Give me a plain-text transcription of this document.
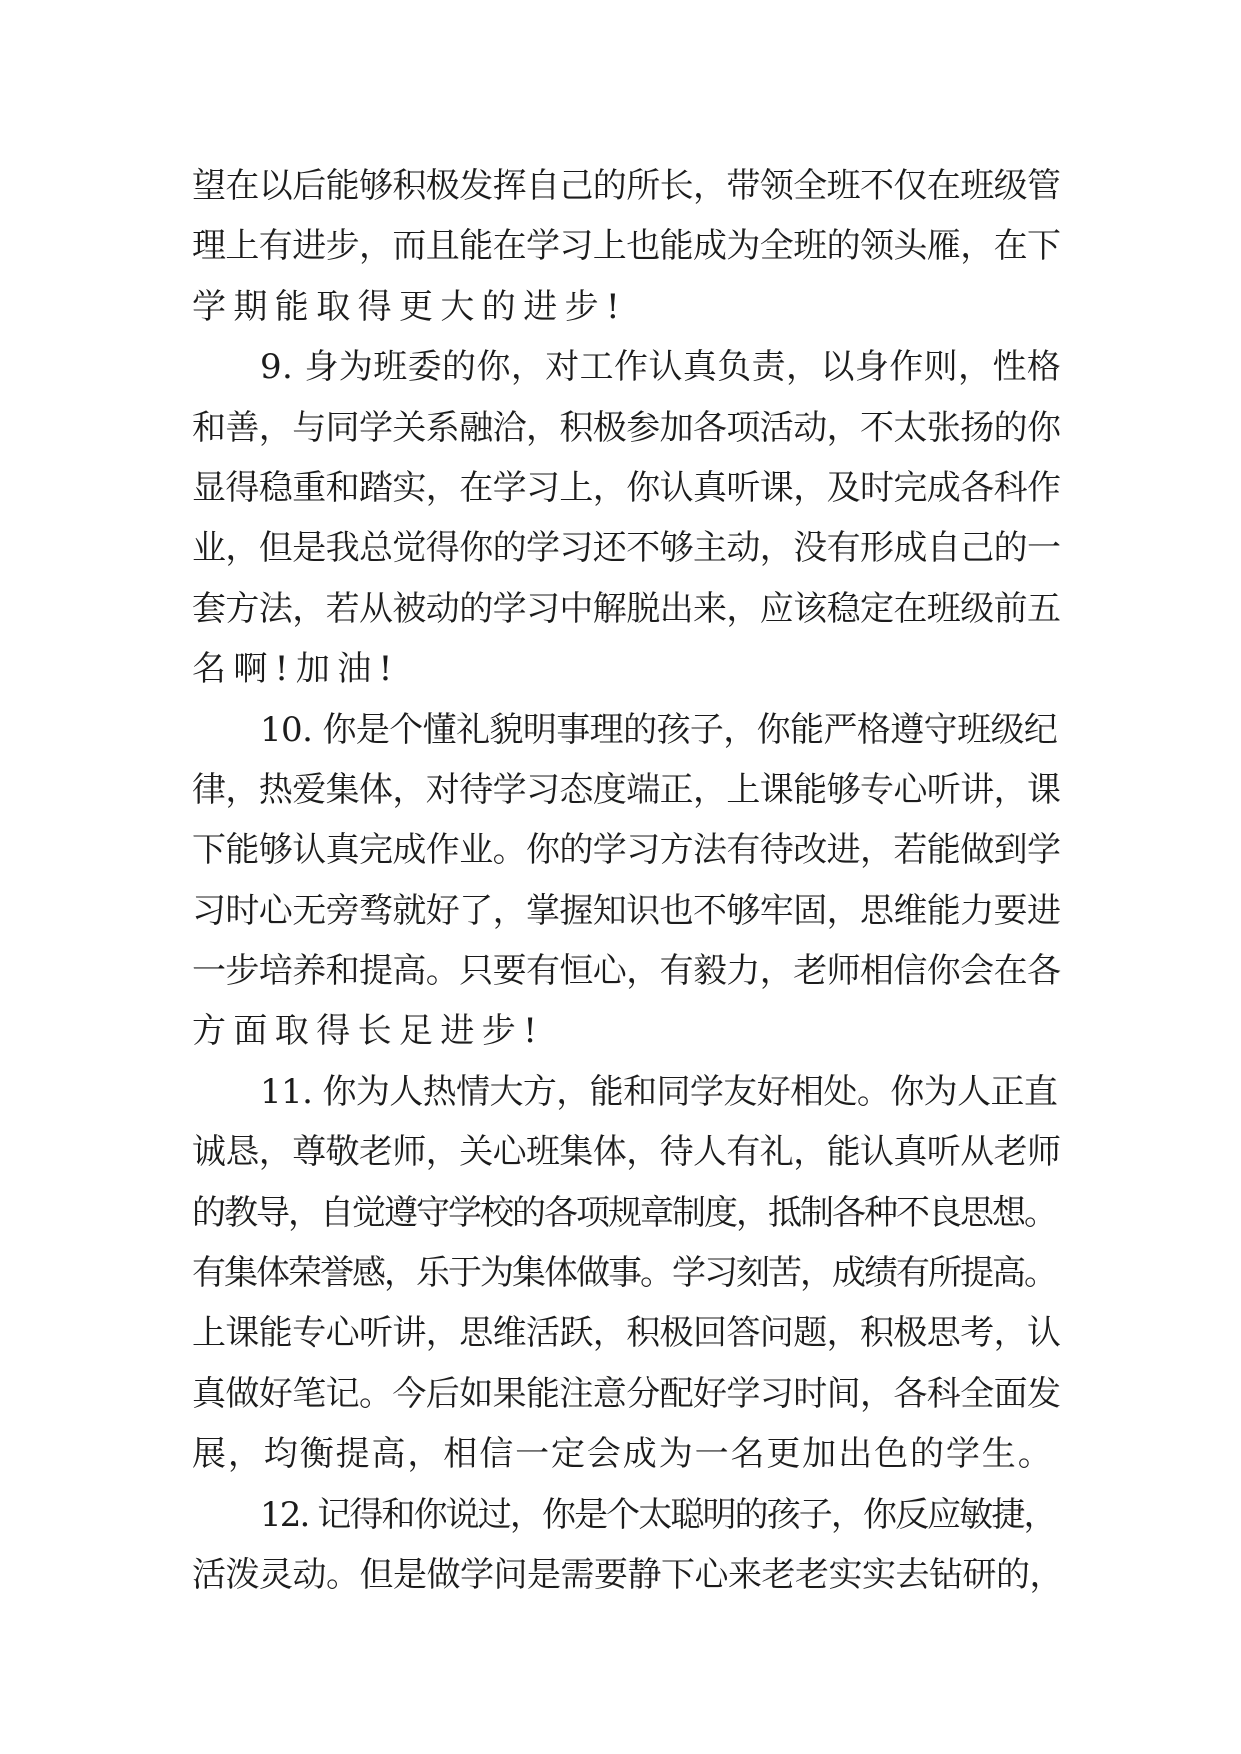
望在以后能够积极发挥自己的所长，带领全班不仅在班级管
理上有进步，而且能在学习上也能成为全班的领头雁，在下
学期能取得更大的进步!
9. 身为班委的你，对工作认真负责，以身作则，性格
和善，与同学关系融洽，积极参加各项活动，不太张扬的你
显得稳重和踏实，在学习上，你认真听课，及时完成各科作
业，但是我总觉得你的学习还不够主动，没有形成自己的一
套方法，若从被动的学习中解脱出来，应该稳定在班级前五
名啊!加油!
10. 你是个懂礼貌明事理的孩子，你能严格遵守班级纪
律，热爱集体，对待学习态度端正，上课能够专心听讲，课
下能够认真完成作业。你的学习方法有待改进，若能做到学
习时心无旁骛就好了，掌握知识也不够牢固，思维能力要进
一步培养和提高。只要有恒心，有毅力，老师相信你会在各
方面取得长足进步!
11. 你为人热情大方，能和同学友好相处。你为人正直
诚恳，尊敬老师，关心班集体，待人有礼，能认真听从老师
的教导，自觉遵守学校的各项规章制度，抵制各种不良思想。
有集体荣誉感，乐于为集体做事。学习刻苦，成绩有所提高。
上课能专心听讲，思维活跃，积极回答问题，积极思考，认
真做好笔记。今后如果能注意分配好学习时间，各科全面发
展，均衡提高，相信一定会成为一名更加出色的学生。
12. 记得和你说过，你是个太聪明的孩子，你反应敏捷，
活泼灵动。但是做学问是需要静下心来老老实实去钻研的，
